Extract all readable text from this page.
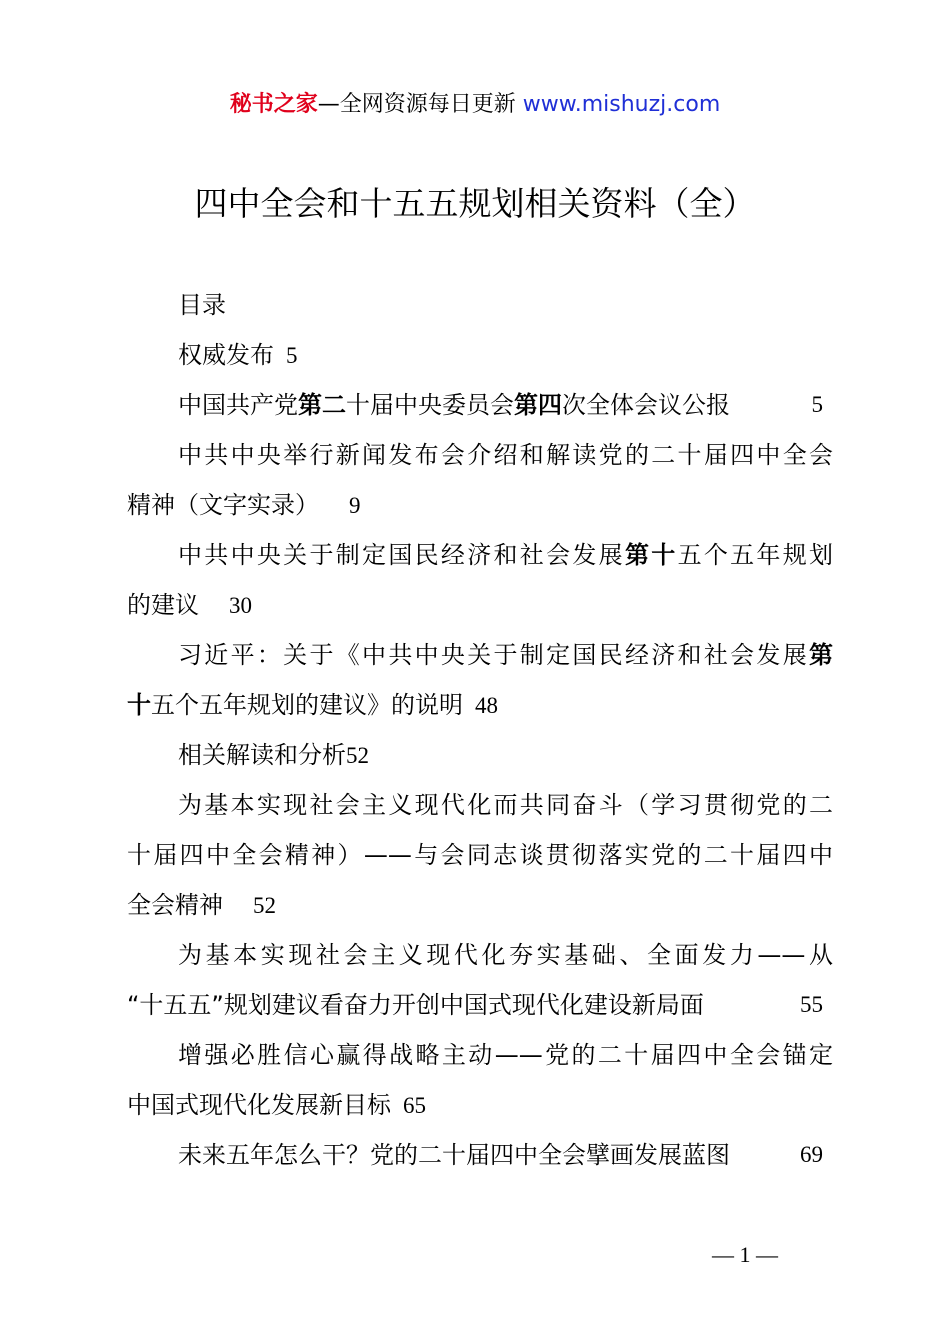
秘书之家—全网资源每日更新 www.mishuzj.com
四中全会和十五五规划相关资料（全）
目录
权威发布 5
中国共产党第二十届中央委员会第四次全体会议公报	5
中共中央举行新闻发布会介绍和解读党的二十届四中全会
精神（文字实录） 9
中共中央关于制定国民经济和社会发展第十五个五年规划
的建议 30
习近平：关于《中共中央关于制定国民经济和社会发展第
十五个五年规划的建议》的说明 48
相关解读和分析52
为基本实现社会主义现代化而共同奋斗（学习贯彻党的二
十届四中全会精神）——与会同志谈贯彻落实党的二十届四中
全会精神 52
为基本实现社会主义现代化夯实基础、全面发力——从
“十五五”规划建议看奋力开创中国式现代化建设新局面	55
增强必胜信心赢得战略主动——党的二十届四中全会锚定
中国式现代化发展新目标 65
未来五年怎么干？党的二十届四中全会擘画发展蓝图	69
— 1 —
